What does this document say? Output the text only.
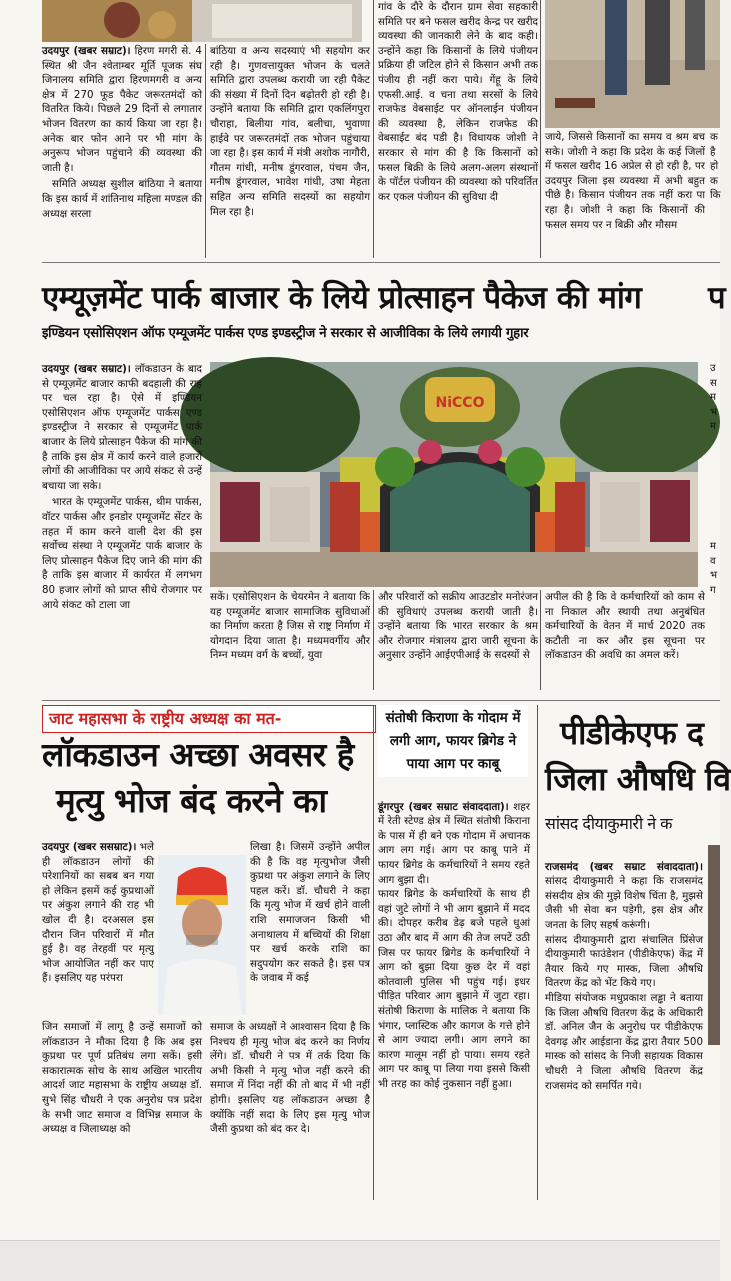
उदयपुर (खबर सम्राट)। हिरण मगरी से. 4 स्थित श्री जैन श्वेताम्बर मूर्ति पूजक संघ जिनालय समिति द्वारा हिरणमगरी व अन्य क्षेत्र में 270 फूड पैकेट जरूरतमंदों को वितरित किये। पिछले 29 दिनों से लगातार भोजन वितरण का कार्य किया जा रहा है। अनेक बार फोन आने पर भी मांग के अनुरूप भोजन पहुंचाने की व्यवस्था की जाती है।

समिति अध्यक्ष सुशील बांठिया ने बताया कि इस कार्य में शांतिनाथ महिला मण्डल की अध्यक्ष सरला

बांठिया व अन्य सदस्याएं भी सहयोग कर रही है। गुणवत्तायुक्त भोजन के चलते समिति द्वारा उपलब्ध करायी जा रही पैकेट की संख्या में दिनों दिन बढ़ोतरी हो रही है। उन्होंने बताया कि समिति द्वारा एकलिंगपुरा चौराहा, बिलीया गांव, बलीचा, भुवाणा हाईवे पर जरूरतमंदों तक भोजन पहुंचाया जा रहा है। इस कार्य में मंत्री अशोक नागौरी, गौतम गांधी, मनीष डूंगरवाल, पंचम जैन, मनीष डूंगरवाल, भावेश गांधी, उषा मेहता सहित अन्य समिति सदस्यों का सहयोग मिल रहा है।

गांव के दौरे के दौरान ग्राम सेवा सहकारी समिति पर बने फसल खरीद केन्द्र पर खरीद व्यवस्था की जानकारी लेने के बाद कही। उन्होंने कहा कि किसानों के लिये पंजीयन प्रक्रिया ही जटिल होने से किसान अभी तक पंजीय ही नहीं करा पाये। गेंहू के लिये एफसी.आई. व चना तथा सरसों के लिये राजफेड वेबसाईट पर ऑनलाईन पंजीयन की व्यवस्था है, लेकिन राजफेड की वेबसाईट बंद पडी है। विधायक जोशी ने सरकार से मांग की है कि किसानों को फसल बिक्री के लिये अलग-अलग संस्थानों के पॉर्टल पंजीयन की व्यवस्था को परिवर्तित कर एकल पंजीयन की सुविधा दी

जाये, जिससे किसानों का समय व श्रम बच सके। जोशी ने कहा कि प्रदेश के कई जिलों में फसल खरीद 16 अप्रेल से हो रही है, पर उदयपुर जिला इस व्यवस्था में अभी बहुत पीछे है। किसान पंजीयन तक नहीं करा पा रहा है। जोशी ने कहा कि किसानों की फसल समय पर न बिक्री और मौसम

क है हो क कि

एम्यूज़मेंट पार्क बाजार के लिये प्रोत्साहन पैकेज की मांग
इण्डियन एसोसिएशन ऑफ एम्यूजमेंट पार्कस एण्ड इण्डस्ट्रीज ने सरकार से आजीविका के लिये लगायी गुहार
प
NiCCO

उदयपुर (खबर सम्राट)। लॉकडाउन के बाद से एम्यूज़मेंट बाजार काफी बदहाली की राह पर चल रहा है। ऐसे में इण्डियन एसोसिएशन ऑफ एम्यूजमेंट पार्कस एण्ड इण्डस्ट्रीज ने सरकार से एम्यूजमेंट पार्क बाजार के लिये प्रोत्साहन पैकेज की मांग की है ताकि इस क्षेत्र में कार्य करने वाले हजारों लोगों की आजीविका पर आये संकट से उन्हें बचाया जा सके।

भारत के एम्यूजमेंट पार्कस, थीम पार्कस, वॉटर पार्कस और इनडोर एम्यूजमेंट सेंटर के तहत में काम करने वाली देश की इस सर्वोच्च संस्था ने एम्यूजमेंट पार्क बाजार के लिए प्रोत्साहन पैकेज दिए जाने की मांग की है ताकि इस बाजार में कार्यरत में लगभग 80 हजार लोगों को प्राप्त सीधे रोजगार पर आये संकट को टाला जा

सकें। एसोसिएशन के चेयरमेन ने बताया कि यह एम्यूजमेंट बाजार सामाजिक सुविधाओं का निर्माण करता है जिस से राष्ट्र निर्माण में योगदान दिया जाता है। मध्यमवर्गीय और निम्न मध्यम वर्ग के बच्चों, युवा

और परिवारों को सक्रीय आउटडोर मनोरंजन की सुविधाएं उपलब्ध करायी जाती है। उन्होंने बताया कि भारत सरकार के श्रम और रोजगार मंत्रालय द्वारा जारी सूचना के अनुसार उन्होंने आईएपीआई के सदस्यों से

अपील की है कि वे कर्मचारियों को काम से ना निकाल और स्थायी तथा अनुबंधित कर्मचारियों के वेतन में मार्च 2020 तक कटौती ना कर और इस सूचना पर लॉकडाउन की अवधि का अमल करें।

उ स म भ म

म व भ ग

जाट महासभा के राष्ट्रीय अध्यक्ष का मत-
लॉकडाउन अच्छा अवसर है
मृत्यु भोज बंद करने का

उदयपुर (खबर ससम्राट)। भले ही लॉकडाउन लोगों की परेशानियों का सबब बन गया हो लेकिन इसमें कई कुप्रथाओं पर अंकुश लगाने की राह भी खोल दी है। दरअसल इस दौरान जिन परिवारों में मौत हुई है। वह तेरहवीं पर मृत्यु भोज आयोजित नहीं कर पाए हैं। इसलिए यह परंपरा

जिन समाजों में लागू है उन्हें समाजों को लॉकडाउन ने मौका दिया है कि अब इस कुप्रथा पर पूर्ण प्रतिबंध लगा सकें। इसी सकारात्मक सोच के साथ अखिल भारतीय आदर्श जाट महासभा के राष्ट्रीय अध्यक्ष डॉ. सुभे सिंह चौधरी ने एक अनुरोध पत्र प्रदेश के सभी जाट समाज व विभिन्न समाज के अध्यक्ष व जिलाध्यक्ष को

लिखा है। जिसमें उन्होंने अपील की है कि वह मृत्युभोज जैसी कुप्रथा पर अंकुश लगाने के लिए पहल करें। डॉ. चौधरी ने कहा कि मृत्यु भोज में खर्च होने वाली राशि समाजजन किसी भी अनाथालय में बच्चियों की शिक्षा पर खर्च करके राशि का सदुपयोग कर सकते है। इस पत्र के जवाब में कई

समाज के अध्यक्षों ने आश्वासन दिया है कि निश्चय ही मृत्यु भोज बंद करने का निर्णय लेंगे। डॉ. चौधरी ने पत्र में तर्क दिया कि अभी किसी ने मृत्यु भोज नहीं करने की समाज में निंदा नहीं की तो बाद में भी नहीं होगी। इसलिए यह लॉकडाउन अच्छा है क्योंकि नहीं सदा के लिए इस मृत्यु भोज जैसी कुप्रथा को बंद कर दे।

संतोषी किराणा के गोदाम में लगी आग, फायर ब्रिगेड ने पाया आग पर काबू

डूंगरपुर (खबर सम्राट संवाददाता)। शहर में रेती स्टेण्ड क्षेत्र में स्थित संतोषी किराना के पास में ही बने एक गोदाम में अचानक आग लग गई। आग पर काबू पाने में फायर ब्रिगेड के कर्मचारियों ने समय रहते आग बुझा दी।
फायर ब्रिगेड के कर्मचारियों के साथ ही वहां जुटे लोगों ने भी आग बुझाने में मदद की। दोपहर करीब डेढ़ बजे पहले धुआं उठा और बाद में आग की तेज लपटें उठी जिस पर फायर ब्रिगेड के कर्मचारियों ने आग को बुझा दिया कुछ देर में वहां कोतवाली पुलिस भी पहुंच गई। इधर पीड़ित परिवार आग बुझाने में जुटा रहा। संतोषी किराणा के मालिक ने बताया कि भंगार, प्लास्टिक और कागज के गत्ते होने से आग ज्यादा लगी। आग लगने का कारण मालूम नहीं हो पाया। समय रहते आग पर काबू पा लिया गया इससे किसी भी तरह का कोई नुकसान नहीं हुआ।

पीडीकेएफ द
जिला औषधि वि
सांसद दीयाकुमारी ने क

राजसमंद (खबर सम्राट संवाददाता)। सांसद दीयाकुमारी ने कहा कि राजसमंद संसदीय क्षेत्र की मुझे विशेष चिंता है, मुझसे जैसी भी सेवा बन पड़ेगी, इस क्षेत्र और जनता के लिए सहर्ष करूंगी।
सांसद दीयाकुमारी द्वारा संचालित प्रिंसेज दीयाकुमारी फाउंडेशन (पीडीकेएफ) केंद्र में तैयार किये गए मास्क, जिला औषधि वितरण केंद्र को भेंट किये गए।
मीडिया संयोजक मधुप्रकाश लड्ढा ने बताया कि जिला औषधि वितरण केंद्र के अधिकारी डॉ. अनिल जैन के अनुरोध पर पीडीकेएफ देवगढ़ और आईडाना केंद्र द्वारा तैयार 500 मास्क को सांसद के निजी सहायक विकास चौधरी ने जिला औषधि वितरण केंद्र राजसमंद को समर्पित गये।
